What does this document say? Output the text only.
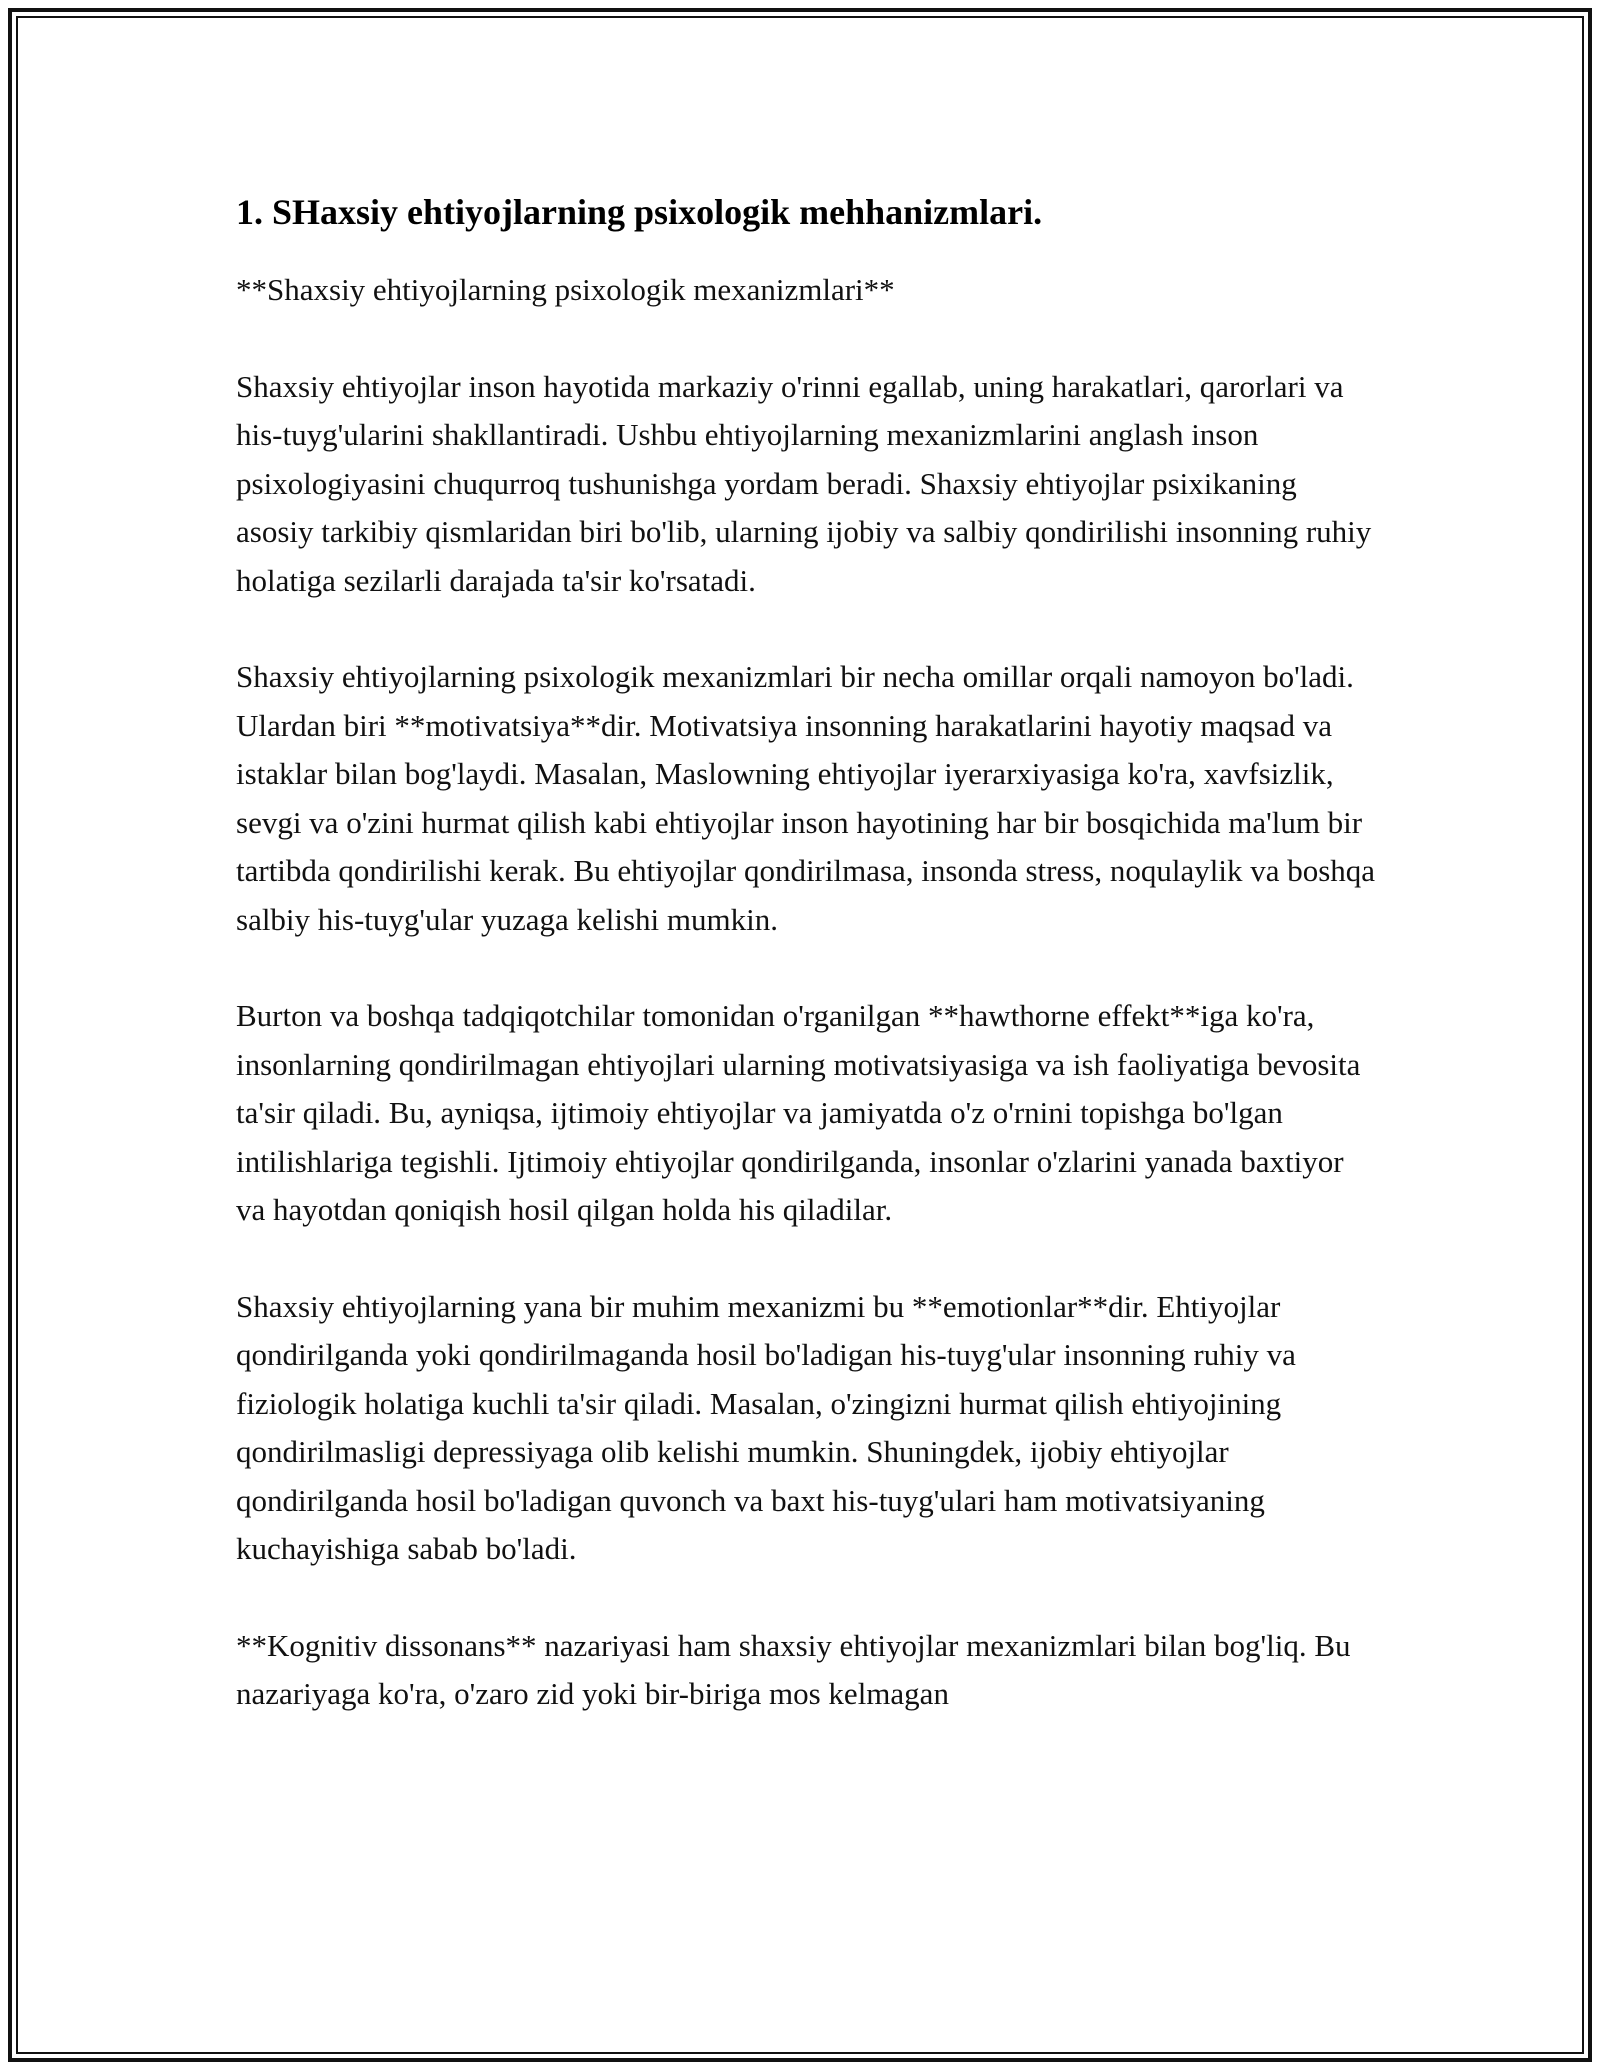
1. SHaxsiy ehtiyojlarning psixologik mehhanizmlari.

**Shaxsiy ehtiyojlarning psixologik mexanizmlari**

Shaxsiy ehtiyojlar inson hayotida markaziy o'rinni egallab, uning harakatlari, qarorlari va his-tuyg'ularini shakllantiradi. Ushbu ehtiyojlarning mexanizmlarini anglash inson psixologiyasini chuqurroq tushunishga yordam beradi. Shaxsiy ehtiyojlar psixikaning asosiy tarkibiy qismlaridan biri bo'lib, ularning ijobiy va salbiy qondirilishi insonning ruhiy holatiga sezilarli darajada ta'sir ko'rsatadi.

Shaxsiy ehtiyojlarning psixologik mexanizmlari bir necha omillar orqali namoyon bo'ladi. Ulardan biri **motivatsiya**dir. Motivatsiya insonning harakatlarini hayotiy maqsad va istaklar bilan bog'laydi. Masalan, Maslowning ehtiyojlar iyerarxiyasiga ko'ra, xavfsizlik, sevgi va o'zini hurmat qilish kabi ehtiyojlar inson hayotining har bir bosqichida ma'lum bir tartibda qondirilishi kerak. Bu ehtiyojlar qondirilmasa, insonda stress, noqulaylik va boshqa salbiy his-tuyg'ular yuzaga kelishi mumkin.

Burton va boshqa tadqiqotchilar tomonidan o'rganilgan **hawthorne effekt**iga ko'ra, insonlarning qondirilmagan ehtiyojlari ularning motivatsiyasiga va ish faoliyatiga bevosita ta'sir qiladi. Bu, ayniqsa, ijtimoiy ehtiyojlar va jamiyatda o'z o'rnini topishga bo'lgan intilishlariga tegishli. Ijtimoiy ehtiyojlar qondirilganda, insonlar o'zlarini yanada baxtiyor va hayotdan qoniqish hosil qilgan holda his qiladilar.

Shaxsiy ehtiyojlarning yana bir muhim mexanizmi bu **emotionlar**dir. Ehtiyojlar qondirilganda yoki qondirilmaganda hosil bo'ladigan his-tuyg'ular insonning ruhiy va fiziologik holatiga kuchli ta'sir qiladi. Masalan, o'zingizni hurmat qilish ehtiyojining qondirilmasligi depressiyaga olib kelishi mumkin. Shuningdek, ijobiy ehtiyojlar qondirilganda hosil bo'ladigan quvonch va baxt his-tuyg'ulari ham motivatsiyaning kuchayishiga sabab bo'ladi.

**Kognitiv dissonans** nazariyasi ham shaxsiy ehtiyojlar mexanizmlari bilan bog'liq. Bu nazariyaga ko'ra, o'zaro zid yoki bir-biriga mos kelmagan
